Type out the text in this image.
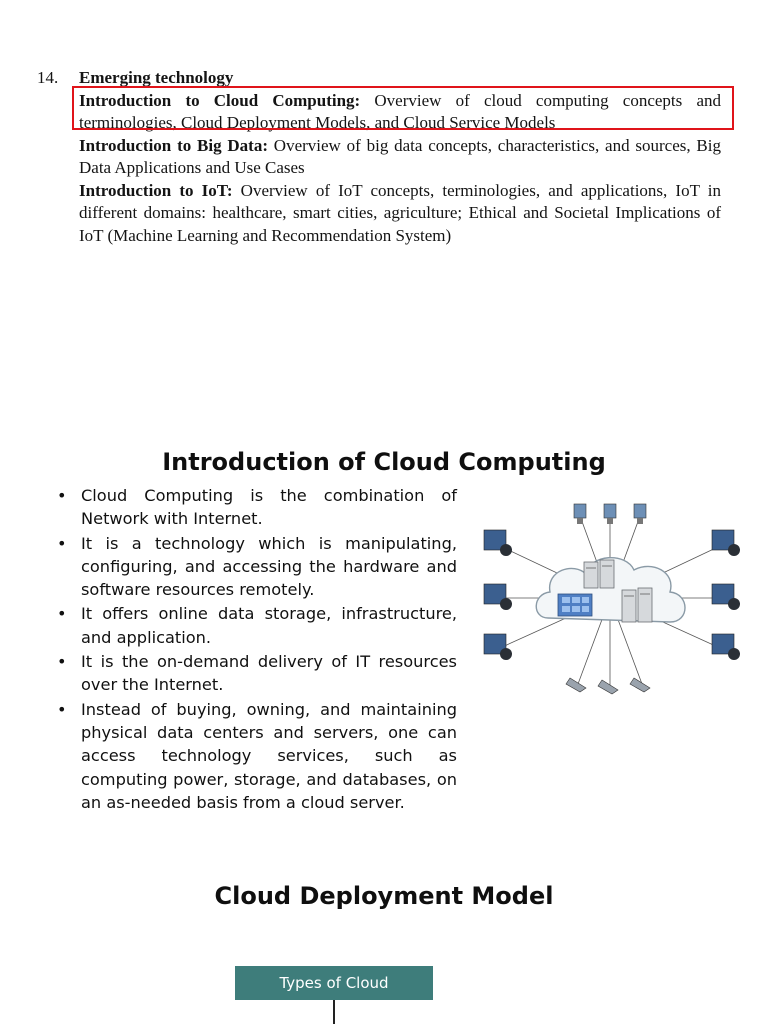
14. Emerging technology

Introduction to Cloud Computing: Overview of cloud computing concepts and terminologies, Cloud Deployment Models, and Cloud Service Models

Introduction to Big Data: Overview of big data concepts, characteristics, and sources, Big Data Applications and Use Cases

Introduction to IoT: Overview of IoT concepts, terminologies, and applications, IoT in different domains: healthcare, smart cities, agriculture; Ethical and Societal Implications of IoT (Machine Learning and Recommendation System)

Introduction of Cloud Computing
• Cloud Computing is the combination of Network with Internet.
• It is a technology which is manipulating, configuring, and accessing the hardware and software resources remotely.
• It offers online data storage, infrastructure, and application.
• It is the on-demand delivery of IT resources over the Internet.
• Instead of buying, owning, and maintaining physical data centers and servers, one can access technology services, such as computing power, storage, and databases, on an as-needed basis from a cloud server.
Cloud Deployment Model
Types of Cloud
